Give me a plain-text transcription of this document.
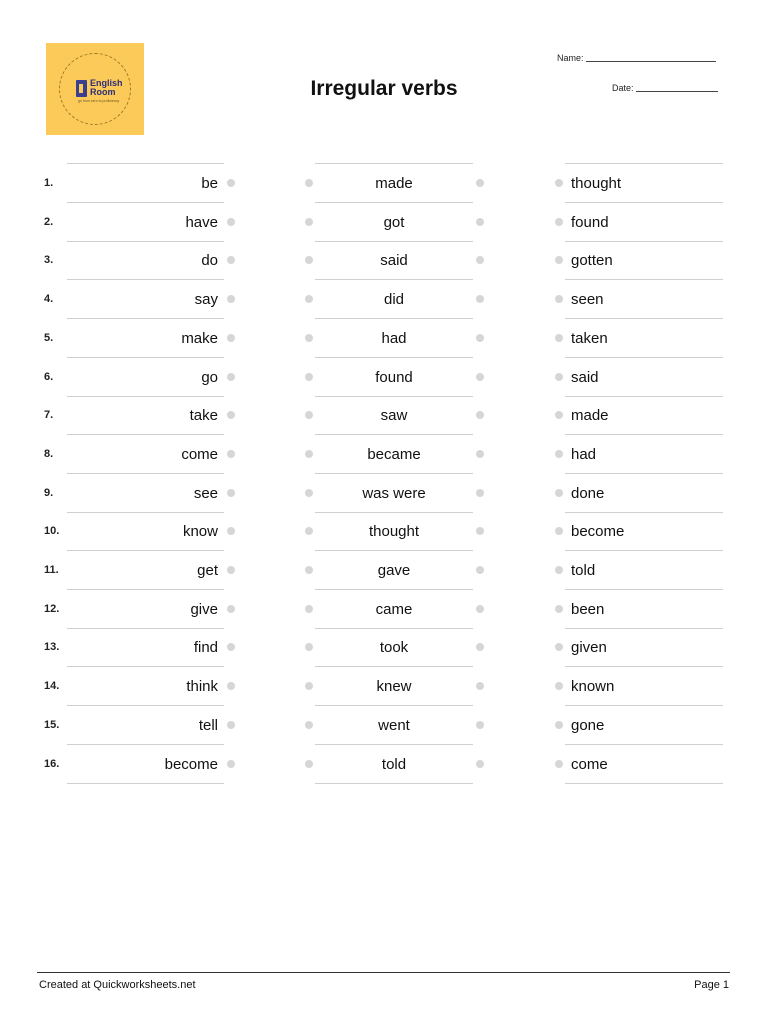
English
Room
go from zero to proficiency
Irregular verbs
Name:
Date:
1.	be	made	thought
2.	have	got	found
3.	do	said	gotten
4.	say	did	seen
5.	make	had	taken
6.	go	found	said
7.	take	saw	made
8.	come	became	had
9.	see	was were	done
10.	know	thought	become
11.	get	gave	told
12.	give	came	been
13.	find	took	given
14.	think	knew	known
15.	tell	went	gone
16.	become	told	come
Created at Quickworksheets.net	Page 1
